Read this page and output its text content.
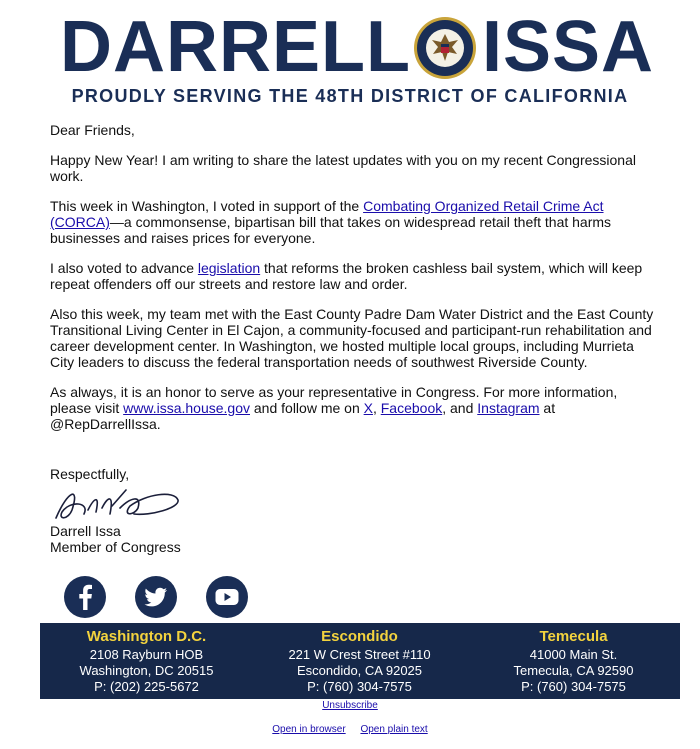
DARRELL ISSA
PROUDLY SERVING THE 48TH DISTRICT OF CALIFORNIA

Dear Friends,

Happy New Year! I am writing to share the latest updates with you on my recent Congressional work.

This week in Washington, I voted in support of the Combating Organized Retail Crime Act (CORCA)—a commonsense, bipartisan bill that takes on widespread retail theft that harms businesses and raises prices for everyone.

I also voted to advance legislation that reforms the broken cashless bail system, which will keep repeat offenders off our streets and restore law and order.

Also this week, my team met with the East County Padre Dam Water District and the East County Transitional Living Center in El Cajon, a community-focused and participant-run rehabilitation and career development center. In Washington, we hosted multiple local groups, including Murrieta City leaders to discuss the federal transportation needs of southwest Riverside County.

As always, it is an honor to serve as your representative in Congress. For more information, please visit www.issa.house.gov and follow me on X, Facebook, and Instagram at @RepDarrellIssa.

Respectfully,
Darrell Issa
Member of Congress
Washington D.C.
2108 Rayburn HOB
Washington, DC 20515
P: (202) 225-5672
Escondido
221 W Crest Street #110
Escondido, CA 92025
P: (760) 304-7575
Temecula
41000 Main St.
Temecula, CA 92590
P: (760) 304-7575
Unsubscribe
Open in browser Open plain text
